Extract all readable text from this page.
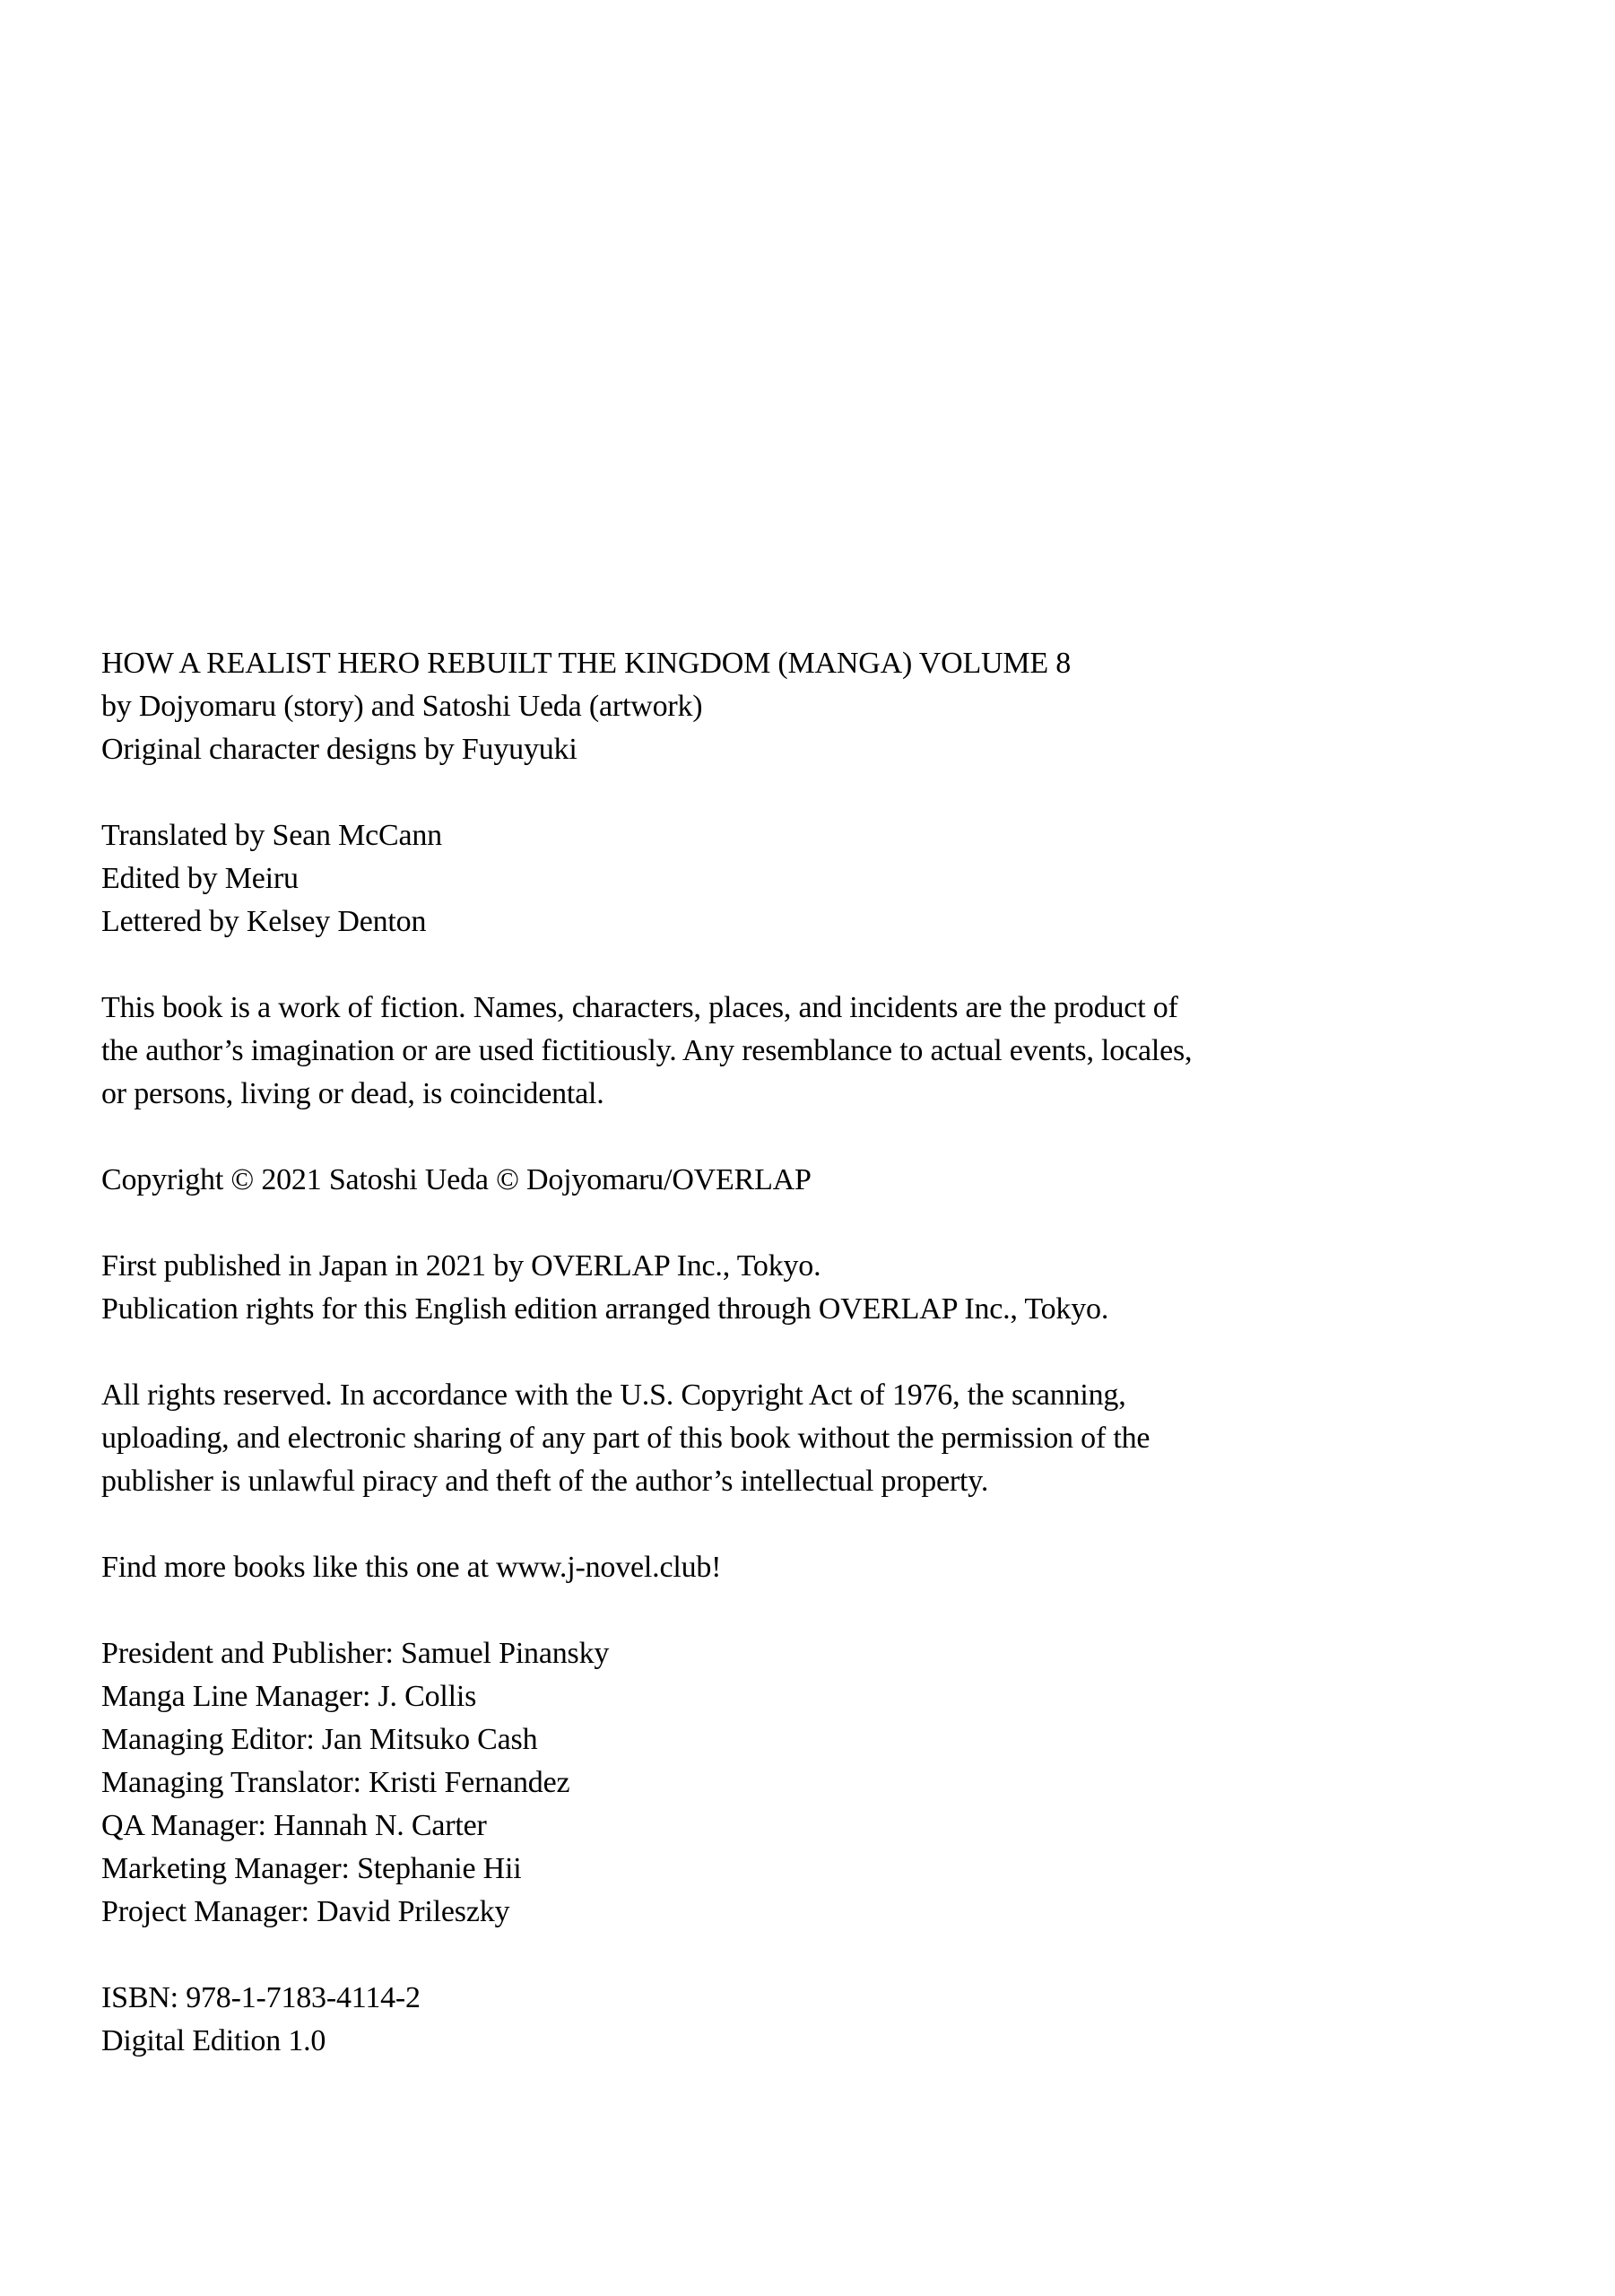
HOW A REALIST HERO REBUILT THE KINGDOM (MANGA) VOLUME 8
by Dojyomaru (story) and Satoshi Ueda (artwork)
Original character designs by Fuyuyuki

Translated by Sean McCann
Edited by Meiru
Lettered by Kelsey Denton

This book is a work of fiction. Names, characters, places, and incidents are the product of
the author’s imagination or are used fictitiously. Any resemblance to actual events, locales,
or persons, living or dead, is coincidental.

Copyright © 2021 Satoshi Ueda © Dojyomaru/OVERLAP

First published in Japan in 2021 by OVERLAP Inc., Tokyo.
Publication rights for this English edition arranged through OVERLAP Inc., Tokyo.

All rights reserved. In accordance with the U.S. Copyright Act of 1976, the scanning,
uploading, and electronic sharing of any part of this book without the permission of the
publisher is unlawful piracy and theft of the author’s intellectual property.

Find more books like this one at www.j-novel.club!

President and Publisher: Samuel Pinansky
Manga Line Manager: J. Collis
Managing Editor: Jan Mitsuko Cash
Managing Translator: Kristi Fernandez
QA Manager: Hannah N. Carter
Marketing Manager: Stephanie Hii
Project Manager: David Prileszky

ISBN: 978-1-7183-4114-2
Digital Edition 1.0
